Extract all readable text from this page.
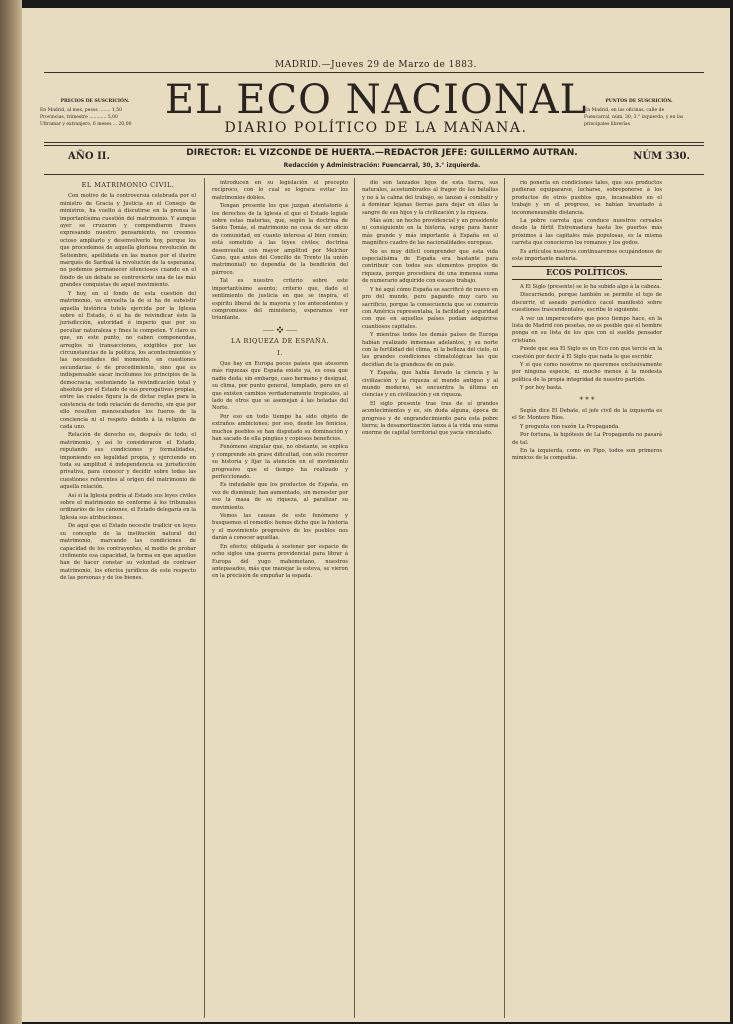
PRECIOS DE SUSCRICIÓN.
En Madrid, al mes, pesos ........ 1,50
Provincias, trimestre ............ 5,00
Ultramar y extranjero, 6 meses ... 20,00
PUNTOS DE SUSCRICIÓN.
En Madrid, en las oficinas, calle de
Fuencarral, núm. 30, 3.° izquierda, y en las
principales librerías.
MADRID.—Jueves 29 de Marzo de 1883.
EL ECO NACIONAL
DIARIO POLÍTICO DE LA MAÑANA.
AÑO II.	DIRECTOR: EL VIZCONDE DE HUERTA.—REDACTOR JEFE: GUILLERMO AUTRAN.
Redacción y Administración: Fuencarral, 30, 3.° izquierda.
NÚM 330.
EL MATRIMONIO CIVIL.

Con motivo de la controversia celebrada por el ministro de Gracia y Justicia en el Consejo de ministros, ha vuelto á discutirse en la prensa la importantísima cuestión del matrimonio. Y aunque ayer se cruzaron y compendiaron frases expresando nuestro pensamiento, no creemos ocioso ampliarlo y desenvolverlo hoy, porque los que procedemos de aquella gloriosa revolución de Setiembre, apellidada en las manos por el ilustre marqués de Sardoal la revolución de la esperanza, no podemos permanecer silenciosos cuando en el fondo de un debate se controvierte una de las más grandes conquistas de aquel movimiento.

Y hoy, en el fondo de esta cuestión del matrimonio, va envuelta la de si ha de subsistir aquella histórica tutela ejercida por la Iglesia sobre el Estado, ó si ha de reivindicar éste la jurisdicción, autoridad é imperio que por su peculiar naturaleza y fines le competen. Y claro es que, en este punto, no caben componendas, arreglos ni transacciones, exigibles por las circunstancias de la política, los acontecimientos y las necesidades del momento, en cuestiones secundarias ó de procedimiento, sino que es indispensable sacar incólumes los principios de la democracia, sosteniendo la reivindicación total y absoluta por el Estado de sus prerogativas propias, entre las cuales figura la de dictar reglas para la existencia de todo relación de derecho, sin que por ello resulten menoscabados los fueros de la conciencia ni el respeto debido á la religión de cada uno.

Relación de derecho es, después de todo, el matrimonio, y así lo consideraron el Estado, reputando sus condiciones y formalidades, imponiendo en legalidad propia, y ejerciendo en toda su amplitud é independencia su jurisdicción privativa, para conocer y decidir sobre todas las cuestiones referentes al origen del matrimonio de aquella relación.

Así si la Iglesia podría al Estado sus leyes civiles sobre el matrimonio no conforme á los tribunales ordinarios de los cánones, el Estado delegaría en la Iglesia sus atribuciones.

De aquí que el Estado necesite tradicir en leyes su concepto de la institución natural del matrimonio, marcando las condiciones de capacidad de los contrayentes, el medio de probar civilmente esa capacidad, la forma en que aquellos han de hacer constar su voluntad de contraer matrimonio, los efectos jurídicos de este respecto de las personas y de los bienes.

introducen en su legislación el precepto recíproco, con lo cual se lograra evitar los matrimonios dobles.

Tengan presente los que juzgan atentatorio á los derechos de la Iglesia el que el Estado legisle sobre estas materias, que, según la doctrina de Santo Tomás, el matrimonio no cesa de ser oficio de comunidad, en cuanto interesa al bien común; está sometido á las leyes civiles; doctrina desenvuelta con mayor amplitud por Melchor Cano, que antes del Concilio de Trento (la unión matrimonial) no dependía de la bendición del párroco.

Tal es nuestro criterio sobre este importantísimo asunto; criterio que, dado el sentimiento de justicia en que se inspira, el espíritu liberal de la mayoría y los antecedentes y compromisos del ministerio, esperamos ver triunfante.

⸺ ❖ ⸺
LA RIQUEZA DE ESPAÑA.
I.

Que hay en Europa pocos países que atesoren más riquezas que España existe ya, es cosa que nadie duda; sin embargo, caso hermano y desigual, su clima, por punto general, templado, pero en el que existen cambios verdaderamente tropicales, al lado de otros que se asemejan á las heladas del Norte.

Por eso en todo tiempo ha sido objeto de extraños ambiciones; por eso, desde los fenicios, muchos pueblos se han disputado su dominación y han sacado de ella pingües y copiosos beneficios.

Fenómeno singular que, no obstante, se explica y comprende sin grave dificultad, con sólo recorrer su historia y fijar la atención en el movimiento progresivo que el tiempo ha realizado y perfeccionado.

Es indudable que los productos de España, en vez de disminuir, han aumentado, sin menester por eso la masa de su riqueza, al paralizar su movimiento.

Vemos las causas de este fenómeno y busquemos el remedio: hemos dicho que la historia y el movimiento progresivo de los pueblos nos darán á conocer aquéllas.

En efecto; obligada á sostener por espacio de ocho siglos una guerra providencial para librar á Europa del yugo mahometano, nuestros antepasados, más que manejar la esteva, se vieron en la precisión de empuñar la espada.

dio son lanzados lejos de esta tierra, sus naturales, acostumbrados al fragor de las batallas y no á la calma del trabajo, se lanzan á combatir y á dominar lejanas tierras para dejar en ellas la sangre de sus hijos y la civilización y la riqueza.

Más aún; un hecho providencial y un presidente ni consiguiente en la historia, surge para hacer más grande y más importante á España en el magnífico cuadro de las nacionalidades europeas.

No es muy difícil comprender que esta vida especialísima de España era bastante para contribuir con todos sus elementos propios de riqueza, porque procediera de una inmensa suma de numerario adquirido con escaso trabajo.

Y hé aquí cómo España se sacrificó de nuevo en pro del mundo, pero pagando muy caro su sacrificio, porque la consecuencia que se comercio con América representaba, la facilidad y seguridad con que en aquellos países podían adquirirse cuantiosos capitales.

Y mientras todos los demás países de Europa habían realizado inmensas adelantos, y su norte con la fertilidad del clima, ni la belleza del cielo, ni las grandes condiciones climatológicas las que decidían de la grandeza de un país.

Y España, que había llevado la ciencia y la civilización y la riqueza al mundo antiguo y al mundo moderno, se encuentra la última en ciencias y en civilización y en riqueza.

El siglo presente trae tras de sí grandes acontecimientos y es, sin duda alguna, época de progreso y de engrandecimiento para esta pobre tierra; la desamortización lanza á la vida una suma enorme de capital territorial que yacía vinculado.

rio ponerla en condiciones tales, que sus productos pudieran equipararse, lucharse, sobreponerse á los productos de otros pueblos que, incansables en el trabajo y en el progreso, se habían levantado á inconmensurable distancia.

La pobre carreta que conduce nuestros cereales desde la fértil Extremadura hasta los puertos más próximos á las capitales más populosas, es la misma carreta que conocieron los romanos y los godos.

Es artículos nuestros continuaremos ocupándonos de este importante materia.

ECOS POLÍTICOS.

A El Siglo (presente) se le ha subido algo á la cabeza.

Discurriendo, porque también se permite el tejo de discurrir, el aseado periódico cacel manifestó sobre cuestiones trascendentales, escribe lo siguiente.

A ver un imperecedero que poco tiempo hace, en la lista de Madrid con pesetas, no es posible que el hombre ponga en su lista de los que con el sueldo pensador cristiano.

Puede que sea El Siglo es un Eco con que tercie en la cuestión por decir á El Siglo que nada le que escribir.

Y sí que como nosotros no queremos exclusivamente por ninguna especie, ni mucho menos á la modesta política de la propia integridad de nuestro partido.

Y por hoy basta.

* * *

Según dice El Debate, el jefe civil de la izquierda es el Sr. Montero Ríos.

Y pregunta con razón La Propaganda.

Por fortuna, la hipótesis de La Propaganda no pasará de tal.

En la izquierda, como en Pipo, todos son primeros mímicos de la compañía.
